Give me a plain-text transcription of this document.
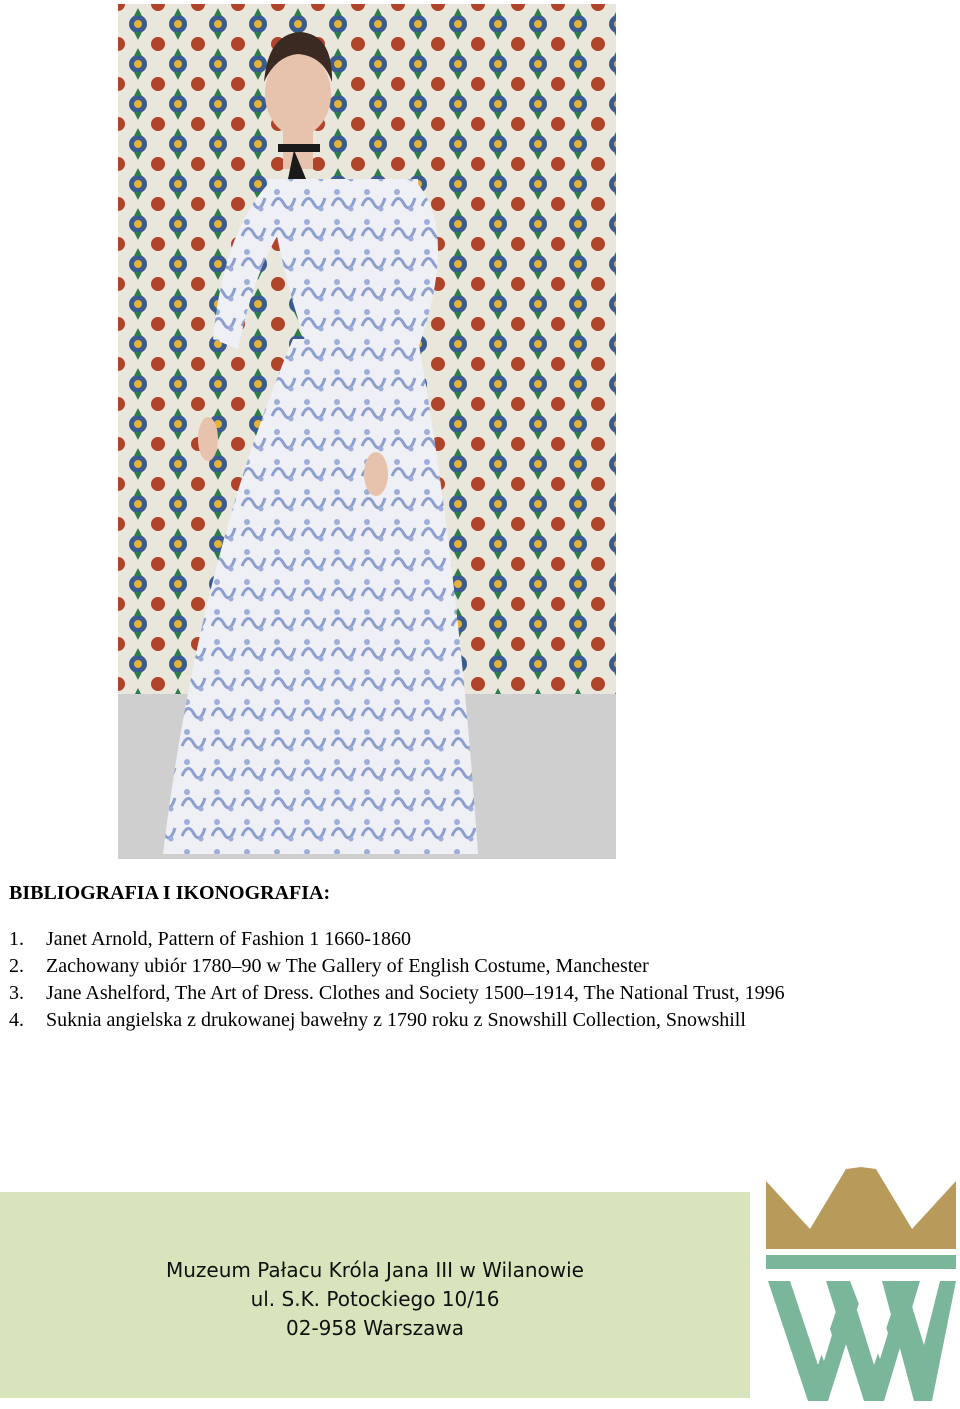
BIBLIOGRAFIA I IKONOGRAFIA:
1. Janet Arnold, Pattern of Fashion 1 1660-1860
2. Zachowany ubiór 1780–90 w The Gallery of English Costume, Manchester
3. Jane Ashelford, The Art of Dress. Clothes and Society 1500–1914, The National Trust, 1996
4. Suknia angielska z drukowanej bawełny z 1790 roku z Snowshill Collection, Snowshill
Muzeum Pałacu Króla Jana III w Wilanowie
ul. S.K. Potockiego 10/16
02-958 Warszawa
